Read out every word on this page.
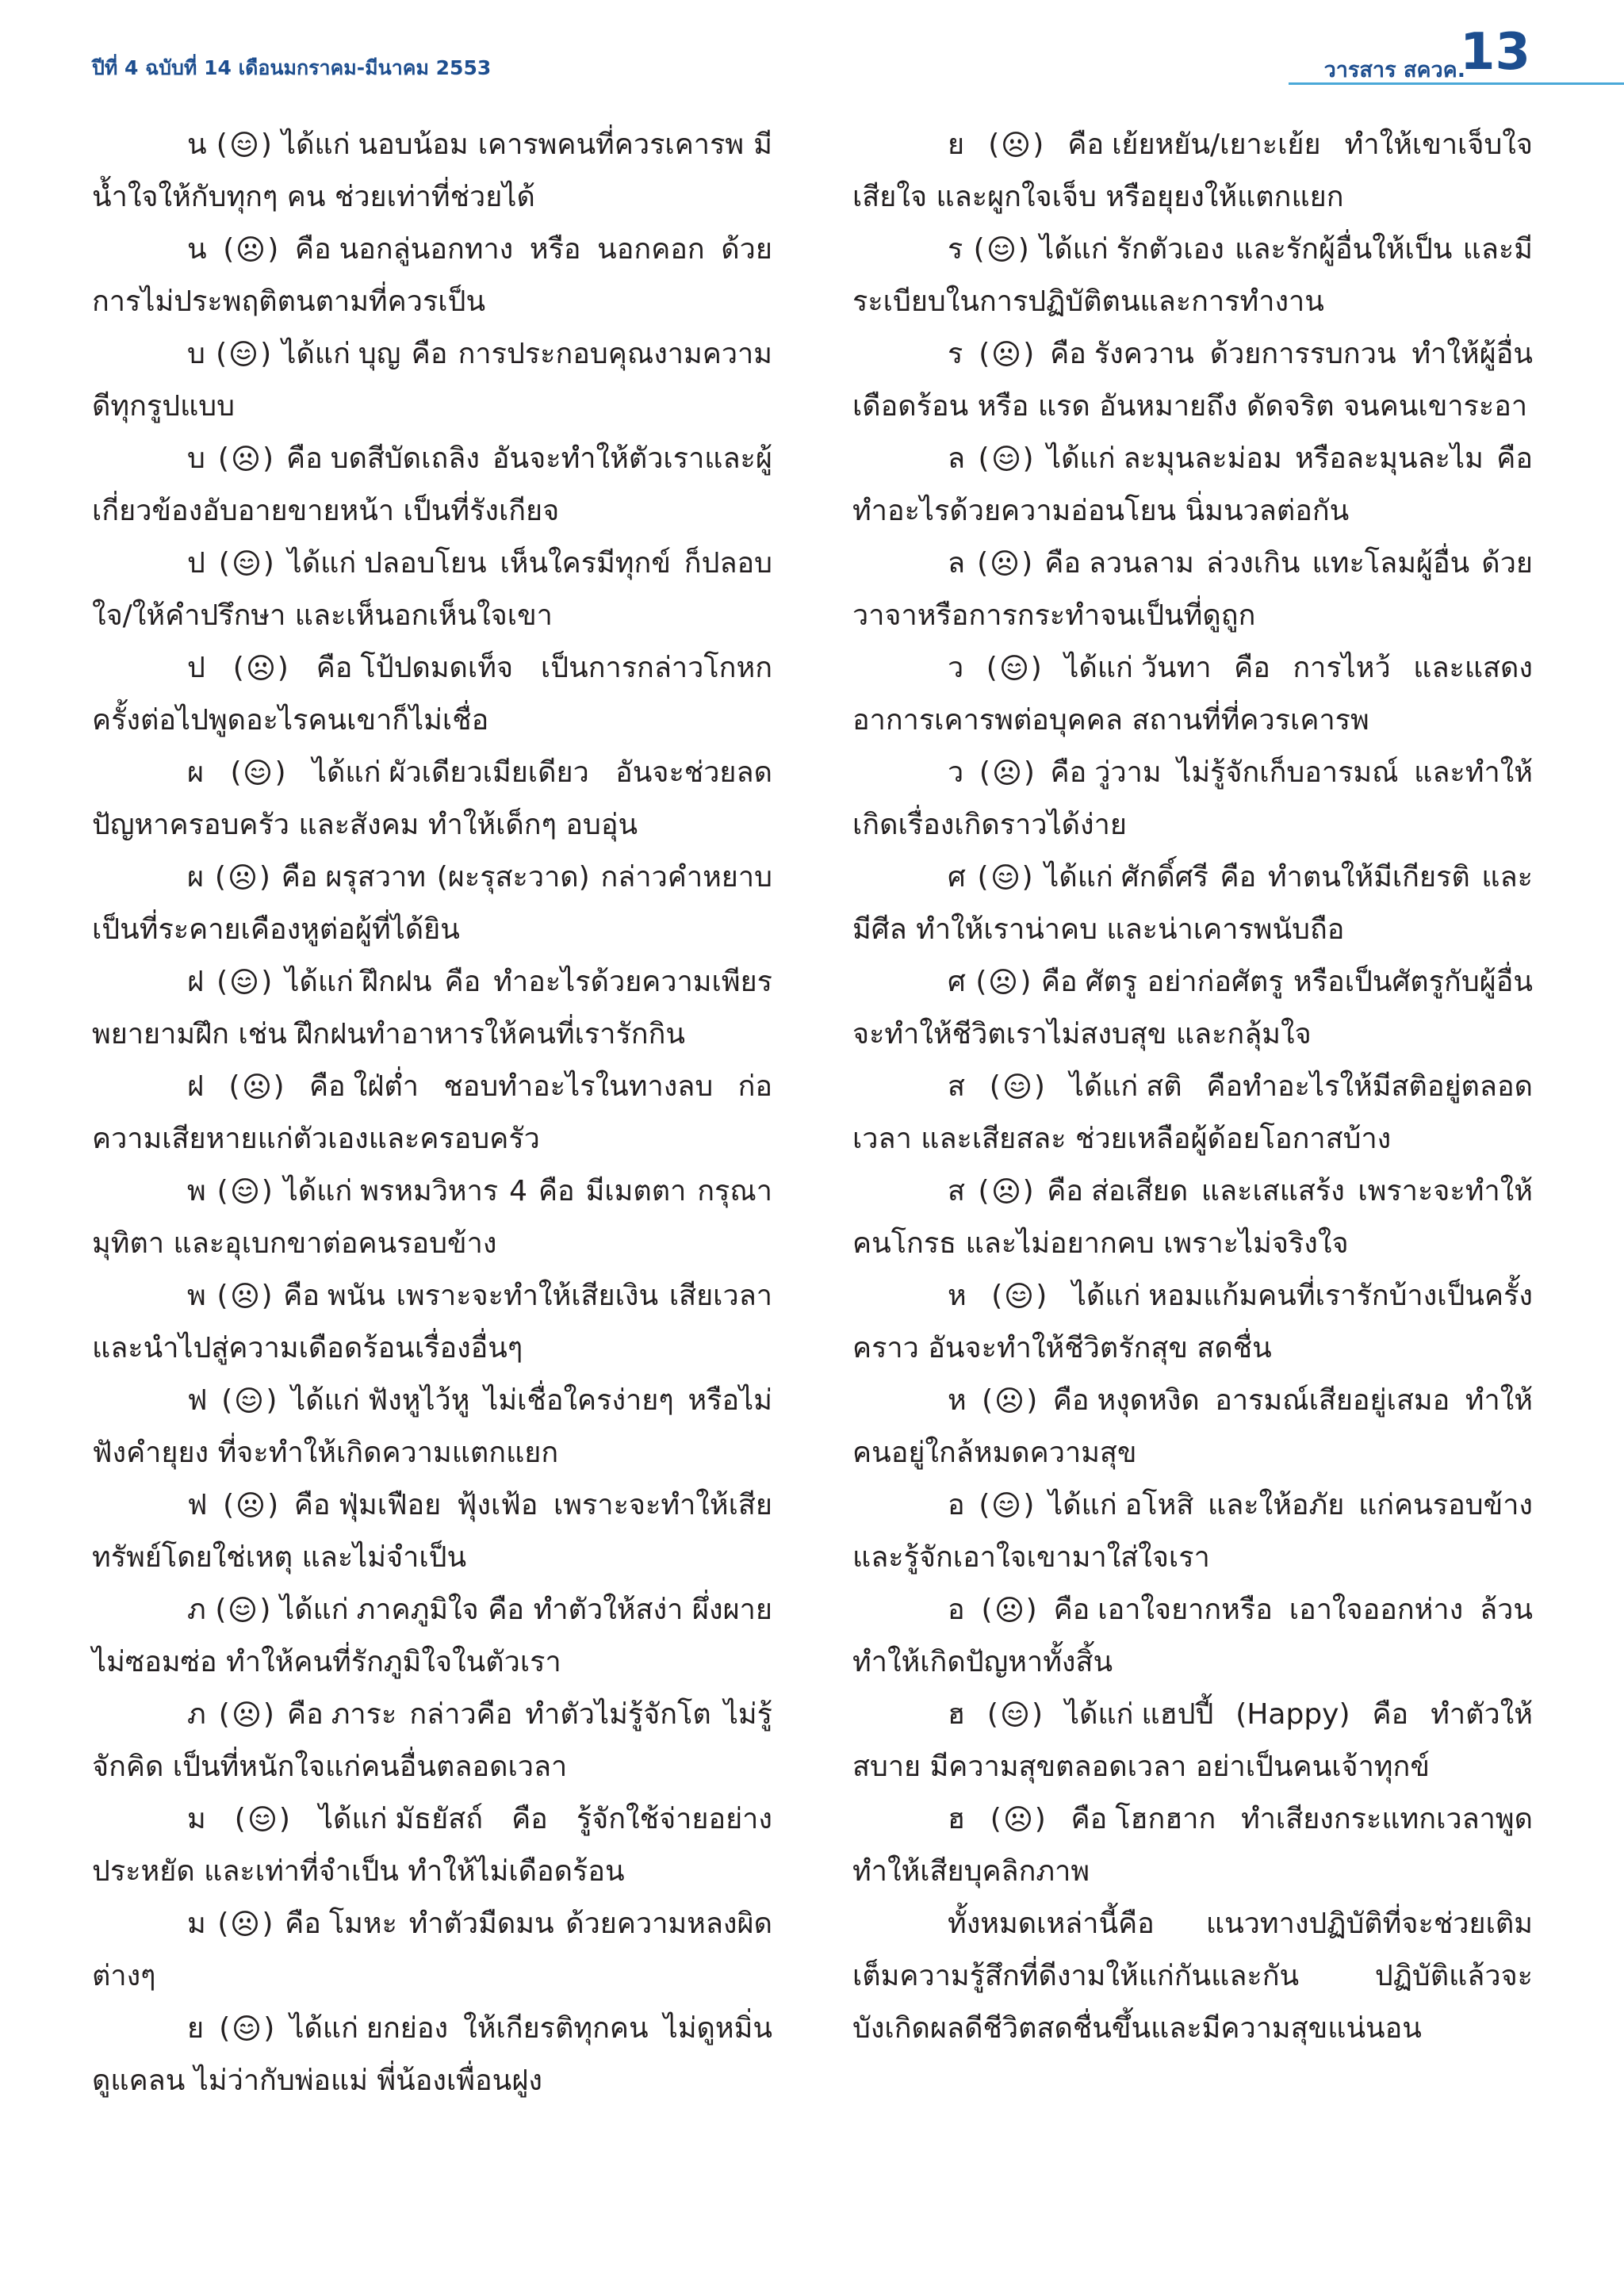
ปีที่ 4 ฉบับที่ 14 เดือนมกราคม-มีนาคม 2553	วารสาร สควค.
13

น ( ) ได้แก่ นอบน้อม เคารพคนที่ควรเคารพ มีน้ำใจให้กับทุกๆ คน ช่วยเท่าที่ช่วยได้

น ( ) คือ นอกลู่นอกทาง หรือ นอกคอก ด้วยการไม่ประพฤติตนตามที่ควรเป็น

บ ( ) ได้แก่ บุญ คือ การประกอบคุณงามความดีทุกรูปแบบ

บ ( ) คือ บดสีบัดเถลิง อันจะทำให้ตัวเราและผู้เกี่ยวข้องอับอายขายหน้า เป็นที่รังเกียจ

ป ( ) ได้แก่ ปลอบโยน เห็นใครมีทุกข์ ก็ปลอบใจ/ให้คำปรึกษา และเห็นอกเห็นใจเขา

ป ( ) คือ โป้ปดมดเท็จ เป็นการกล่าวโกหก ครั้งต่อไปพูดอะไรคนเขาก็ไม่เชื่อ

ผ ( ) ได้แก่ ผัวเดียวเมียเดียว อันจะช่วยลดปัญหาครอบครัว และสังคม ทำให้เด็กๆ อบอุ่น

ผ ( ) คือ ผรุสวาท (ผะรุสะวาด) กล่าวคำหยาบเป็นที่ระคายเคืองหูต่อผู้ที่ได้ยิน

ฝ ( ) ได้แก่ ฝึกฝน คือ ทำอะไรด้วยความเพียรพยายามฝึก เช่น ฝึกฝนทำอาหารให้คนที่เรารักกิน

ฝ ( ) คือ ใฝ่ต่ำ ชอบทำอะไรในทางลบ ก่อความเสียหายแก่ตัวเองและครอบครัว

พ ( ) ได้แก่ พรหมวิหาร 4 คือ มีเมตตา กรุณา มุทิตา และอุเบกขาต่อคนรอบข้าง

พ ( ) คือ พนัน เพราะจะทำให้เสียเงิน เสียเวลา และนำไปสู่ความเดือดร้อนเรื่องอื่นๆ

ฟ ( ) ได้แก่ ฟังหูไว้หู ไม่เชื่อใครง่ายๆ หรือไม่ฟังคำยุยง ที่จะทำให้เกิดความแตกแยก

ฟ ( ) คือ ฟุ่มเฟือย ฟุ้งเฟ้อ เพราะจะทำให้เสียทรัพย์โดยใช่เหตุ และไม่จำเป็น

ภ ( ) ได้แก่ ภาคภูมิใจ คือ ทำตัวให้สง่า ผึ่งผาย ไม่ซอมซ่อ ทำให้คนที่รักภูมิใจในตัวเรา

ภ ( ) คือ ภาระ กล่าวคือ ทำตัวไม่รู้จักโต ไม่รู้จักคิด เป็นที่หนักใจแก่คนอื่นตลอดเวลา

ม ( ) ได้แก่ มัธยัสถ์ คือ รู้จักใช้จ่ายอย่างประหยัด และเท่าที่จำเป็น ทำให้ไม่เดือดร้อน

ม ( ) คือ โมหะ ทำตัวมืดมน ด้วยความหลงผิดต่างๆ

ย ( ) ได้แก่ ยกย่อง ให้เกียรติทุกคน ไม่ดูหมิ่นดูแคลน ไม่ว่ากับพ่อแม่ พี่น้องเพื่อนฝูง

ย ( ) คือ เย้ยหยัน/เยาะเย้ย ทำให้เขาเจ็บใจ เสียใจ และผูกใจเจ็บ หรือยุยงให้แตกแยก

ร ( ) ได้แก่ รักตัวเอง และรักผู้อื่นให้เป็น และมีระเบียบในการปฏิบัติตนและการทำงาน

ร ( ) คือ รังควาน ด้วยการรบกวน ทำให้ผู้อื่นเดือดร้อน หรือ แรด อันหมายถึง ดัดจริต จนคนเขาระอา

ล ( ) ได้แก่ ละมุนละม่อม หรือละมุนละไม คือ ทำอะไรด้วยความอ่อนโยน นิ่มนวลต่อกัน

ล ( ) คือ ลวนลาม ล่วงเกิน แทะโลมผู้อื่น ด้วยวาจาหรือการกระทำจนเป็นที่ดูถูก

ว ( ) ได้แก่ วันทา คือ การไหว้ และแสดงอาการเคารพต่อบุคคล สถานที่ที่ควรเคารพ

ว ( ) คือ วู่วาม ไม่รู้จักเก็บอารมณ์ และทำให้เกิดเรื่องเกิดราวได้ง่าย

ศ ( ) ได้แก่ ศักดิ์ศรี คือ ทำตนให้มีเกียรติ และมีศีล ทำให้เราน่าคบ และน่าเคารพนับถือ

ศ ( ) คือ ศัตรู อย่าก่อศัตรู หรือเป็นศัตรูกับผู้อื่นจะทำให้ชีวิตเราไม่สงบสุข และกลุ้มใจ

ส ( ) ได้แก่ สติ คือทำอะไรให้มีสติอยู่ตลอดเวลา และเสียสละ ช่วยเหลือผู้ด้อยโอกาสบ้าง

ส ( ) คือ ส่อเสียด และเสแสร้ง เพราะจะทำให้คนโกรธ และไม่อยากคบ เพราะไม่จริงใจ

ห ( ) ได้แก่ หอมแก้มคนที่เรารักบ้างเป็นครั้งคราว อันจะทำให้ชีวิตรักสุข สดชื่น

ห ( ) คือ หงุดหงิด อารมณ์เสียอยู่เสมอ ทำให้คนอยู่ใกล้หมดความสุข

อ ( ) ได้แก่ อโหสิ และให้อภัย แก่คนรอบข้าง และรู้จักเอาใจเขามาใส่ใจเรา

อ ( ) คือ เอาใจยากหรือ เอาใจออกห่าง ล้วนทำให้เกิดปัญหาทั้งสิ้น

ฮ ( ) ได้แก่ แฮปปี้ (Happy) คือ ทำตัวให้สบาย มีความสุขตลอดเวลา อย่าเป็นคนเจ้าทุกข์

ฮ ( ) คือ โฮกฮาก ทำเสียงกระแทกเวลาพูด ทำให้เสียบุคลิกภาพ

ทั้งหมดเหล่านี้คือ แนวทางปฏิบัติที่จะช่วยเติมเต็มความรู้สึกที่ดีงามให้แก่กันและกัน ปฏิบัติแล้วจะบังเกิดผลดีชีวิตสดชื่นขึ้นและมีความสุขแน่นอน
